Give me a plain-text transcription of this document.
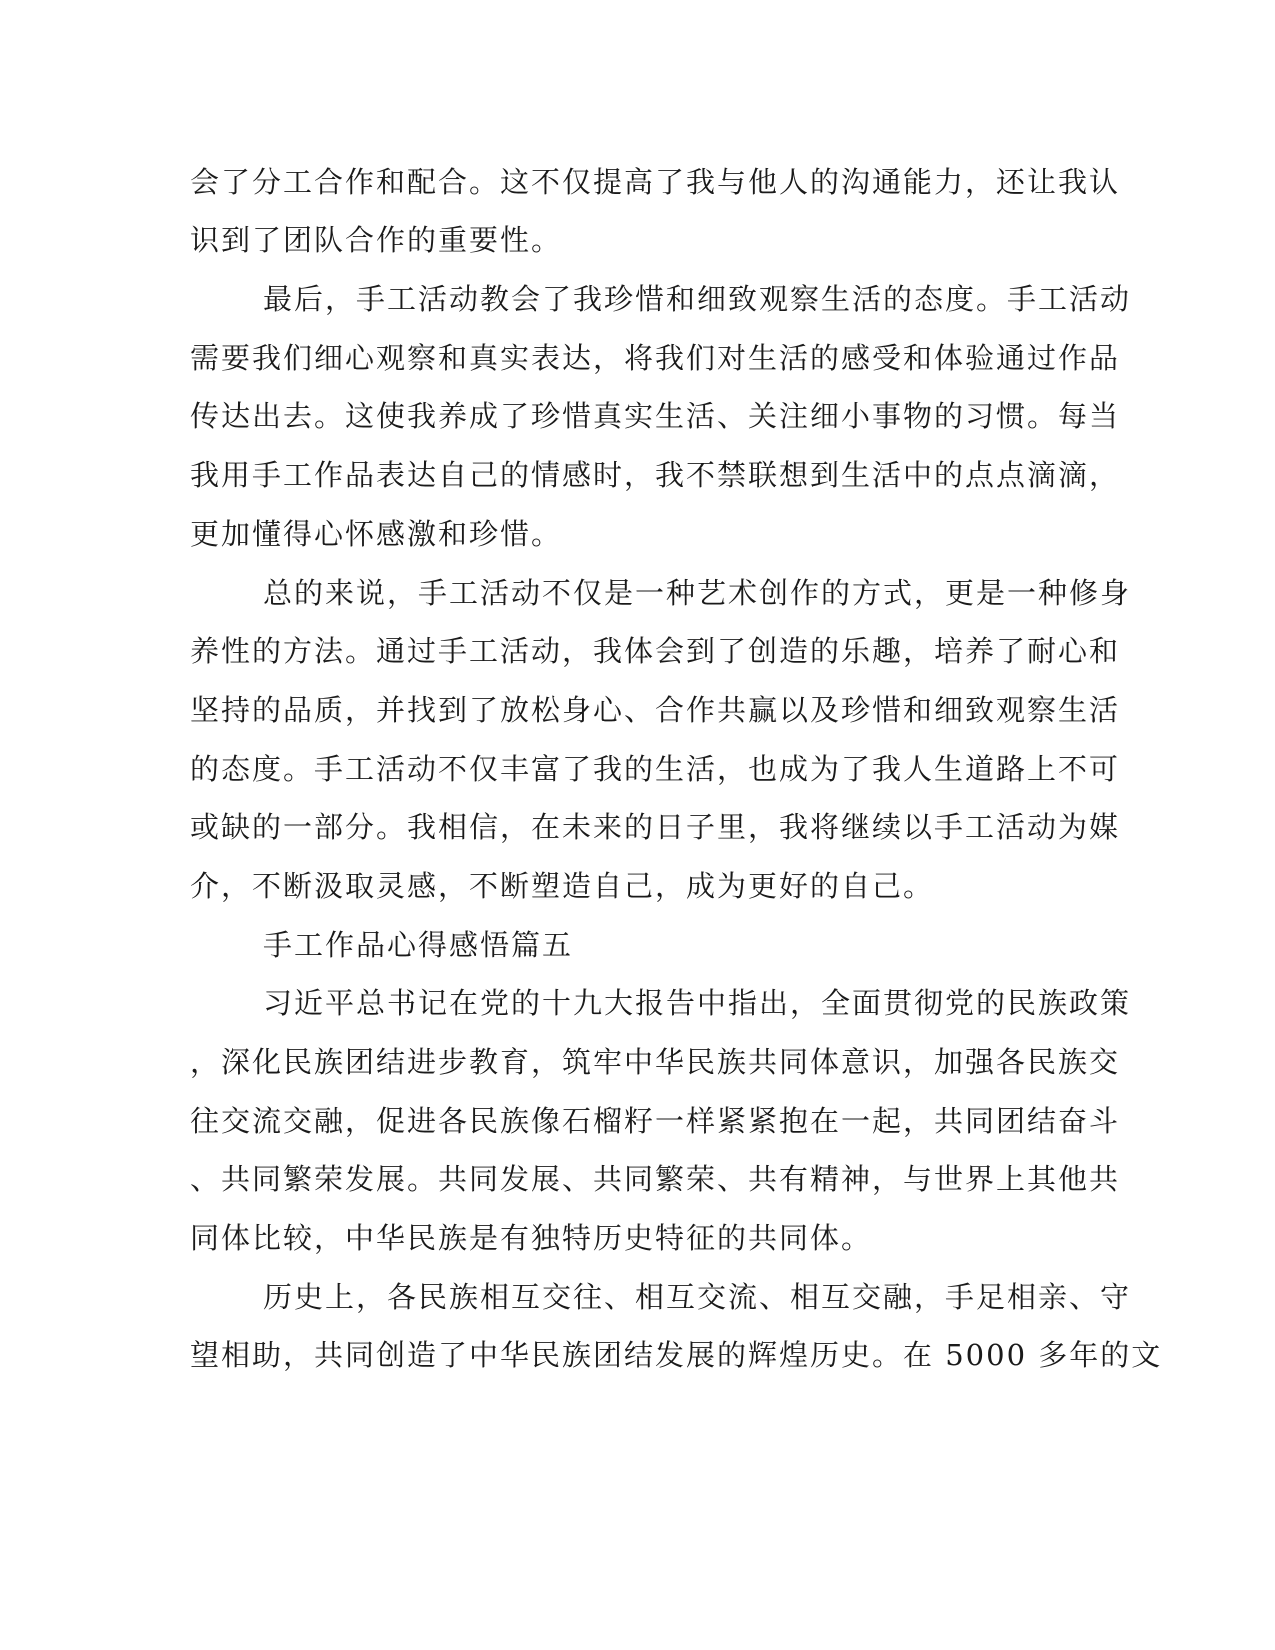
会了分工合作和配合。这不仅提高了我与他人的沟通能力，还让我认
识到了团队合作的重要性。
最后，手工活动教会了我珍惜和细致观察生活的态度。手工活动
需要我们细心观察和真实表达，将我们对生活的感受和体验通过作品
传达出去。这使我养成了珍惜真实生活、关注细小事物的习惯。每当
我用手工作品表达自己的情感时，我不禁联想到生活中的点点滴滴，
更加懂得心怀感激和珍惜。
总的来说，手工活动不仅是一种艺术创作的方式，更是一种修身
养性的方法。通过手工活动，我体会到了创造的乐趣，培养了耐心和
坚持的品质，并找到了放松身心、合作共赢以及珍惜和细致观察生活
的态度。手工活动不仅丰富了我的生活，也成为了我人生道路上不可
或缺的一部分。我相信，在未来的日子里，我将继续以手工活动为媒
介，不断汲取灵感，不断塑造自己，成为更好的自己。
手工作品心得感悟篇五
习近平总书记在党的十九大报告中指出，全面贯彻党的民族政策
，深化民族团结进步教育，筑牢中华民族共同体意识，加强各民族交
往交流交融，促进各民族像石榴籽一样紧紧抱在一起，共同团结奋斗
、共同繁荣发展。共同发展、共同繁荣、共有精神，与世界上其他共
同体比较，中华民族是有独特历史特征的共同体。
历史上，各民族相互交往、相互交流、相互交融，手足相亲、守
望相助，共同创造了中华民族团结发展的辉煌历史。在 5000 多年的文
